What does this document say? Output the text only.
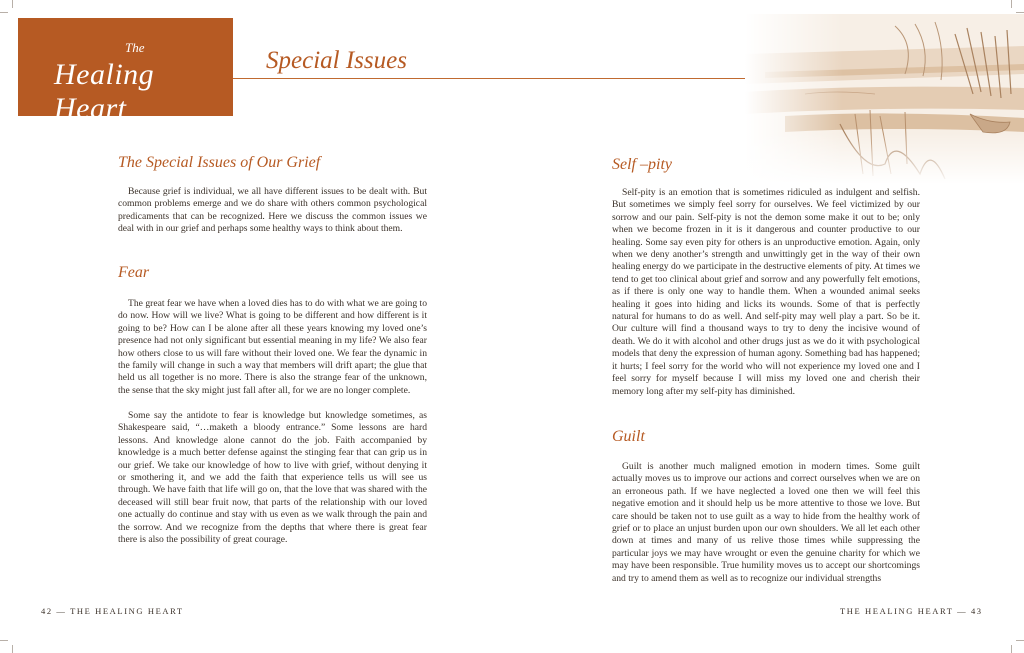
The
Healing Heart
Special Issues
The Special Issues of Our Grief

Because grief is individual, we all have different issues to be dealt with. But common problems emerge and we do share with others common psychological predicaments that can be recognized. Here we discuss the common issues we deal with in our grief and perhaps some healthy ways to think about them.

Fear

The great fear we have when a loved dies has to do with what we are going to do now. How will we live? What is going to be different and how different is it going to be? How can I be alone after all these years knowing my loved one’s presence had not only significant but essential meaning in my life? We also fear how others close to us will fare without their loved one. We fear the dynamic in the family will change in such a way that members will drift apart; the glue that held us all together is no more. There is also the strange fear of the unknown, the sense that the sky might just fall after all, for we are no longer complete.

Some say the antidote to fear is knowledge but knowledge sometimes, as Shakespeare said, “…maketh a bloody entrance.” Some lessons are hard lessons. And knowledge alone cannot do the job. Faith accompanied by knowledge is a much better defense against the stinging fear that can grip us in our grief. We take our knowledge of how to live with grief, without denying it or smothering it, and we add the faith that experience tells us will see us through. We have faith that life will go on, that the love that was shared with the deceased will still bear fruit now, that parts of the relationship with our loved one actually do continue and stay with us even as we walk through the pain and the sorrow. And we recognize from the depths that where there is great fear there is also the possibility of great courage.

42 — THE HEALING HEART
Self –pity

Self-pity is an emotion that is sometimes ridiculed as indulgent and selfish. But sometimes we simply feel sorry for ourselves. We feel victimized by our sorrow and our pain. Self-pity is not the demon some make it out to be; only when we become frozen in it is it dangerous and counter productive to our healing. Some say even pity for others is an unproductive emotion. Again, only when we deny another’s strength and unwittingly get in the way of their own healing energy do we participate in the destructive elements of pity. At times we tend to get too clinical about grief and sorrow and any powerfully felt emotions, as if there is only one way to handle them. When a wounded animal seeks healing it goes into hiding and licks its wounds. Some of that is perfectly natural for humans to do as well. And self-pity may well play a part. So be it. Our culture will find a thousand ways to try to deny the incisive wound of death. We do it with alcohol and other drugs just as we do it with psychological models that deny the expression of human agony. Something bad has happened; it hurts; I feel sorry for the world who will not experience my loved one and I feel sorry for myself because I will miss my loved one and cherish their memory long after my self-pity has diminished.

Guilt

Guilt is another much maligned emotion in modern times. Some guilt actually moves us to improve our actions and correct ourselves when we are on an erroneous path. If we have neglected a loved one then we will feel this negative emotion and it should help us be more attentive to those we love. But care should be taken not to use guilt as a way to hide from the healthy work of grief or to place an unjust burden upon our own shoulders. We all let each other down at times and many of us relive those times while suppressing the particular joys we may have wrought or even the genuine charity for which we may have been responsible. True humility moves us to accept our shortcomings and try to amend them as well as to recognize our individual strengths

THE HEALING HEART — 43
